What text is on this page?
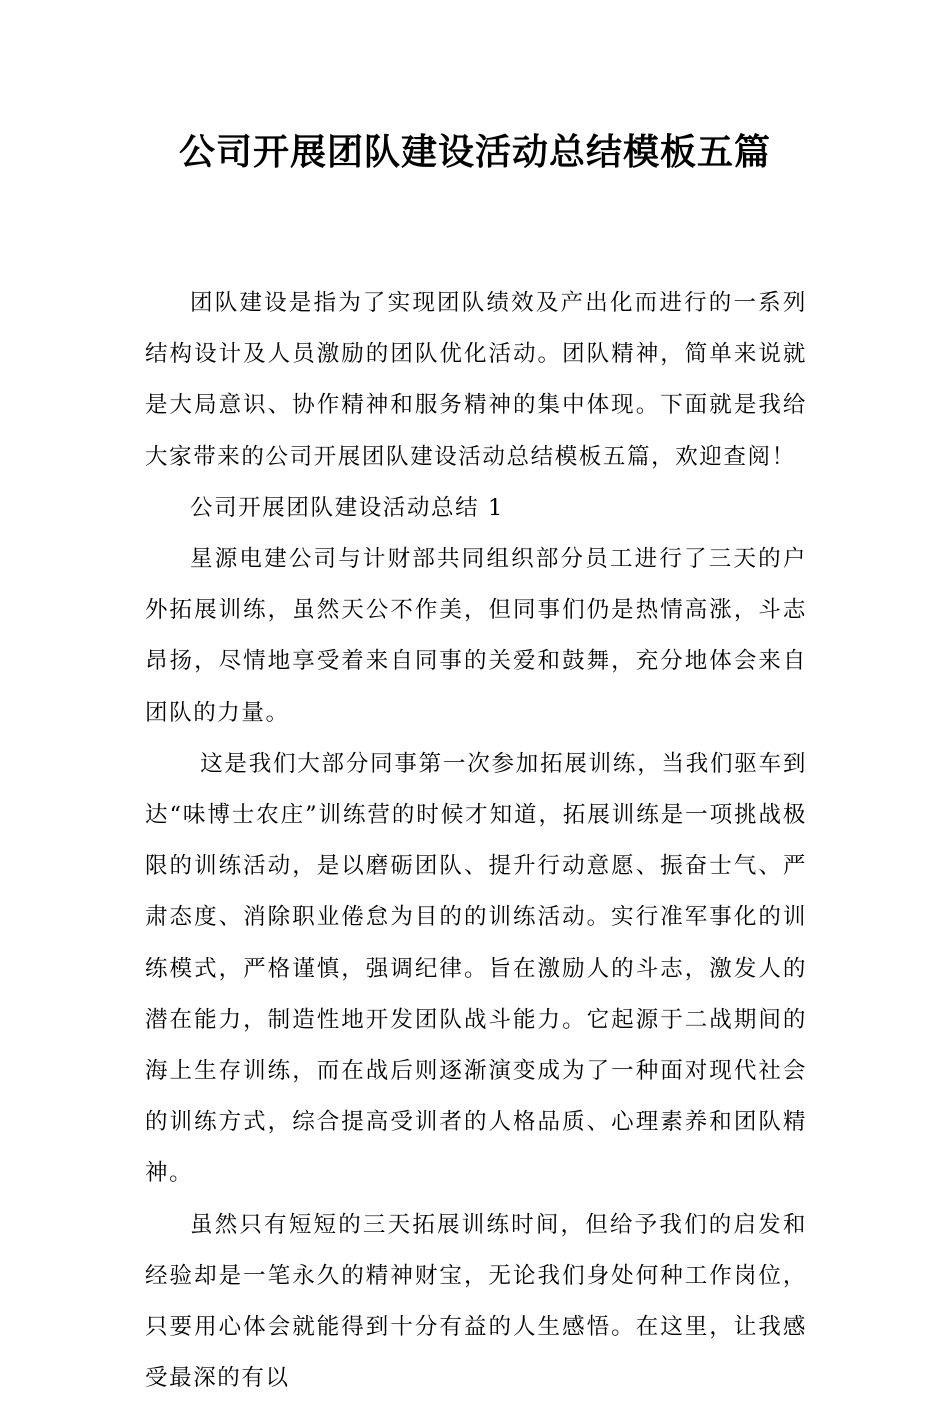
公司开展团队建设活动总结模板五篇

团队建设是指为了实现团队绩效及产出化而进行的一系列结构设计及人员激励的团队优化活动。团队精神，简单来说就是大局意识、协作精神和服务精神的集中体现。下面就是我给大家带来的公司开展团队建设活动总结模板五篇，欢迎查阅！

公司开展团队建设活动总结 1

星源电建公司与计财部共同组织部分员工进行了三天的户外拓展训练，虽然天公不作美，但同事们仍是热情高涨，斗志昂扬，尽情地享受着来自同事的关爱和鼓舞，充分地体会来自团队的力量。

这是我们大部分同事第一次参加拓展训练，当我们驱车到达“味博士农庄”训练营的时候才知道，拓展训练是一项挑战极限的训练活动，是以磨砺团队、提升行动意愿、振奋士气、严肃态度、消除职业倦怠为目的的训练活动。实行准军事化的训练模式，严格谨慎，强调纪律。旨在激励人的斗志，激发人的潜在能力，制造性地开发团队战斗能力。它起源于二战期间的海上生存训练，而在战后则逐渐演变成为了一种面对现代社会的训练方式，综合提高受训者的人格品质、心理素养和团队精神。

虽然只有短短的三天拓展训练时间，但给予我们的启发和经验却是一笔永久的精神财宝，无论我们身处何种工作岗位，只要用心体会就能得到十分有益的人生感悟。在这里，让我感受最深的有以
